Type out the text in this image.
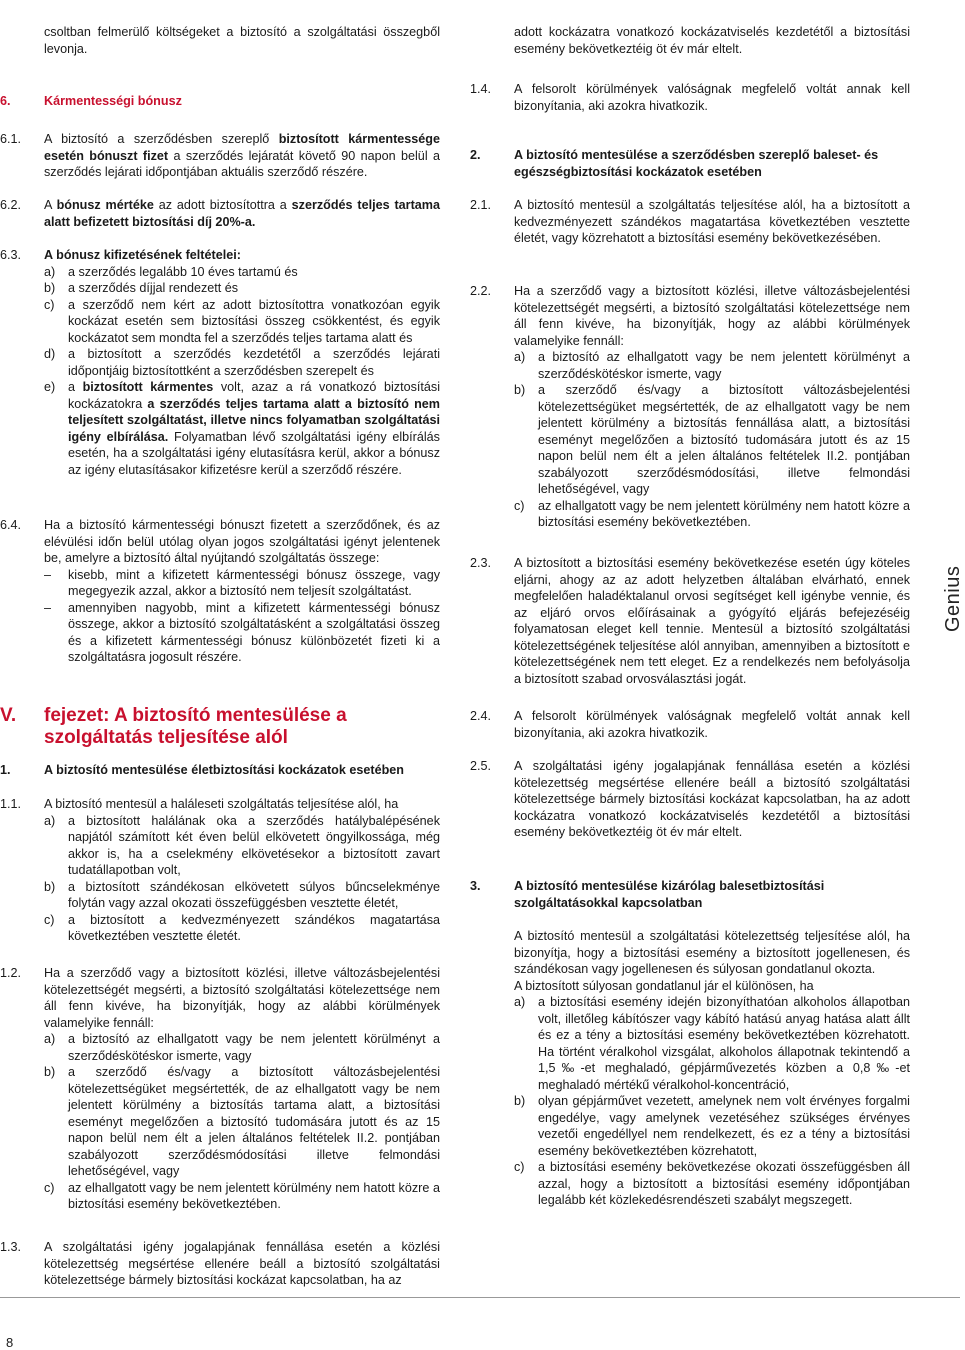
csoltban felmerülő költségeket a biztosító a szolgáltatási összegből levonja.
6.	Kármentességi bónusz
6.1.	A biztosító a szerződésben szereplő biztosított kármentessége esetén bónuszt fizet a szerződés lejáratát követő 90 napon belül a szerződés lejárati időpontjában aktuális szerződő részére.
6.2.	A bónusz mértéke az adott biztosítottra a szerződés teljes tartama alatt befizetett biztosítási díj 20%-a.
6.3. A bónusz kifizetésének feltételei:
a) a szerződés legalább 10 éves tartamú és
b) a szerződés díjjal rendezett és
c) a szerződő nem kért az adott biztosítottra vonatkozóan egyik kockázat esetén sem biztosítási összeg csökkentést, és egyik kockázatot sem mondta fel a szerződés teljes tartama alatt és
d) a biztosított a szerződés kezdetétől a szerződés lejárati időpontjáig biztosítottként a szerződésben szerepelt és
e) a biztosított kármentes volt, azaz a rá vonatkozó biztosítási kockázatokra a szerződés teljes tartama alatt a biztosító nem teljesített szolgáltatást, illetve nincs folyamatban szolgáltatási igény elbírálása. Folyamatban lévő szolgáltatási igény elbírálás esetén, ha a szolgáltatási igény elutasításra kerül, akkor a bónusz az igény elutasításakor kifizetésre kerül a szerződő részére.
6.4. Ha a biztosító kármentességi bónuszt fizetett a szerződőnek, és az elévülési időn belül utólag olyan jogos szolgáltatási igényt jelentenek be, amelyre a biztosító által nyújtandó szolgáltatás összege:
– kisebb, mint a kifizetett kármentességi bónusz összege, vagy megegyezik azzal, akkor a biztosító nem teljesít szolgáltatást.
– amennyiben nagyobb, mint a kifizetett kármentességi bónusz összege, akkor a biztosító szolgáltatásként a szolgáltatási összeg és a kifizetett kármentességi bónusz különbözetét fizeti ki a szolgáltatásra jogosult részére.
V.	fejezet: A biztosító mentesülése a szolgáltatás teljesítése alól
1.	A biztosító mentesülése életbiztosítási kockázatok esetében
1.1. A biztosító mentesül a haláleseti szolgáltatás teljesítése alól, ha
a) a biztosított halálának oka a szerződés hatálybalépésének napjától számított két éven belül elkövetett öngyilkossága, még akkor is, ha a cselekmény elkövetésekor a biztosított zavart tudatállapotban volt,
b) a biztosított szándékosan elkövetett súlyos bűncselekménye folytán vagy azzal okozati összefüggésben vesztette életét,
c) a biztosított a kedvezményezett szándékos magatartása következtében vesztette életét.
1.2. Ha a szerződő vagy a biztosított közlési, illetve változásbejelentési kötelezettségét megsérti, a biztosító szolgáltatási kötelezettsége nem áll fenn kivéve, ha bizonyítják, hogy az alábbi körülmények valamelyike fennáll:
a) a biztosító az elhallgatott vagy be nem jelentett körülményt a szerződéskötéskor ismerte, vagy
b) a szerződő és/vagy a biztosított változásbejelentési kötelezettségüket megsértették, de az elhallgatott vagy be nem jelentett körülmény a biztosítás tartama alatt, a biztosítási eseményt megelőzően a biztosító tudomására jutott és az 15 napon belül nem élt a jelen általános feltételek II.2. pontjában szabályozott szerződésmódosítási illetve felmondási lehetőségével, vagy
c) az elhallgatott vagy be nem jelentett körülmény nem hatott közre a biztosítási esemény bekövetkeztében.
1.3.	A szolgáltatási igény jogalapjának fennállása esetén a közlési kötelezettség megsértése ellenére beáll a biztosító szolgáltatási kötelezettsége bármely biztosítási kockázat kapcsolatban, ha az
adott kockázatra vonatkozó kockázatviselés kezdetétől a biztosítási esemény bekövetkeztéig öt év már eltelt.
1.4.	A felsorolt körülmények valóságnak megfelelő voltát annak kell bizonyítania, aki azokra hivatkozik.
2.	A biztosító mentesülése a szerződésben szereplő baleset- és egészségbiztosítási kockázatok esetében
2.1.	A biztosító mentesül a szolgáltatás teljesítése alól, ha a biztosított a kedvezményezett szándékos magatartása következtében vesztette életét, vagy közrehatott a biztosítási esemény bekövetkezésében.
2.2. Ha a szerződő vagy a biztosított közlési, illetve változásbejelentési kötelezettségét megsérti, a biztosító szolgáltatási kötelezettsége nem áll fenn kivéve, ha bizonyítják, hogy az alábbi körülmények valamelyike fennáll:
a) a biztosító az elhallgatott vagy be nem jelentett körülményt a szerződéskötéskor ismerte, vagy
b) a szerződő és/vagy a biztosított változásbejelentési kötelezettségüket megsértették, de az elhallgatott vagy be nem jelentett körülmény a biztosítás fennállása alatt, a biztosítási eseményt megelőzően a biztosító tudomására jutott és az 15 napon belül nem élt a jelen általános feltételek II.2. pontjában szabályozott szerződésmódosítási, illetve felmondási lehetőségével, vagy
c) az elhallgatott vagy be nem jelentett körülmény nem hatott közre a biztosítási esemény bekövetkeztében.
2.3.	A biztosított a biztosítási esemény bekövetkezése esetén úgy köteles eljárni, ahogy az az adott helyzetben általában elvárható, ennek megfelelően haladéktalanul orvosi segítséget kell igénybe vennie, és az eljáró orvos előírásainak a gyógyító eljárás befejezéséig folyamatosan eleget kell tennie. Mentesül a biztosító szolgáltatási kötelezettségének teljesítése alól annyiban, amennyiben a biztosított e kötelezettségének nem tett eleget. Ez a rendelkezés nem befolyásolja a biztosított szabad orvosválasztási jogát.
2.4.	A felsorolt körülmények valóságnak megfelelő voltát annak kell bizonyítania, aki azokra hivatkozik.
2.5.	A szolgáltatási igény jogalapjának fennállása esetén a közlési kötelezettség megsértése ellenére beáll a biztosító szolgáltatási kötelezettsége bármely biztosítási kockázat kapcsolatban, ha az adott kockázatra vonatkozó kockázatviselés kezdetétől a biztosítási esemény bekövetkeztéig öt év már eltelt.
3.	A biztosító mentesülése kizárólag balesetbiztosítási szolgáltatásokkal kapcsolatban
A biztosító mentesül a szolgáltatási kötelezettség teljesítése alól, ha bizonyítja, hogy a biztosítási esemény a biztosított jogellenesen, és szándékosan vagy jogellenesen és súlyosan gondatlanul okozta.
A biztosított súlyosan gondatlanul jár el különösen, ha
a) a biztosítási esemény idején bizonyíthatóan alkoholos állapotban volt, illetőleg kábítószer vagy kábító hatású anyag hatása alatt állt és ez a tény a biztosítási esemény bekövetkeztében közrehatott. Ha történt véralkohol vizsgálat, alkoholos állapotnak tekintendő a 1,5‰-et meghaladó, gépjárművezetés közben a 0,8‰-et meghaladó mértékű véralkohol-koncentráció,
b) olyan gépjárművet vezetett, amelynek nem volt érvényes forgalmi engedélye, vagy amelynek vezetéséhez szükséges érvényes vezetői engedéllyel nem rendelkezett, és ez a tény a biztosítási esemény bekövetkeztében közrehatott,
c) a biztosítási esemény bekövetkezése okozati összefüggésben áll azzal, hogy a biztosított a biztosítási esemény időpontjában legalább két közlekedésrendészeti szabályt megszegett.
Genius
8
